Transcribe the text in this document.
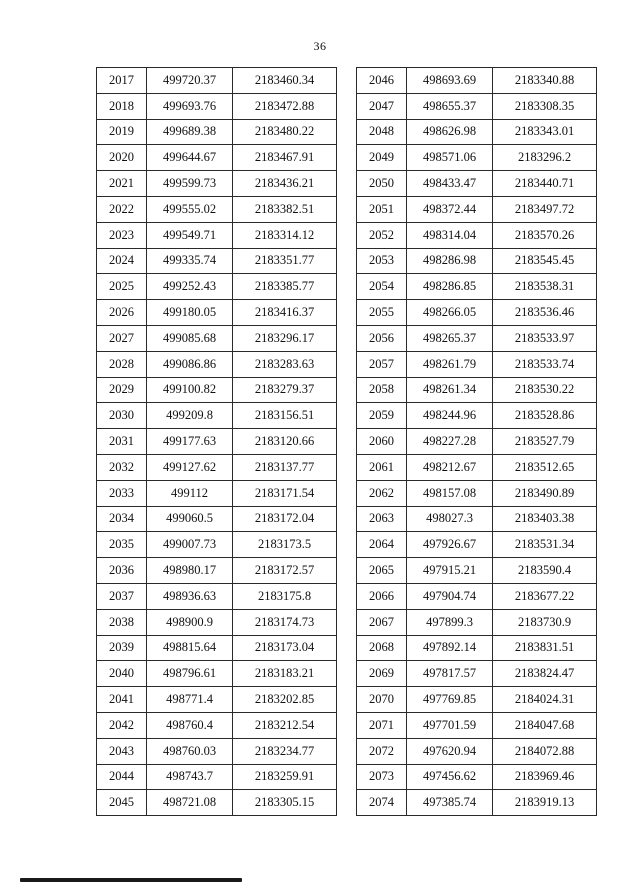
36
2017	499720.37	2183460.34
2018	499693.76	2183472.88
2019	499689.38	2183480.22
2020	499644.67	2183467.91
2021	499599.73	2183436.21
2022	499555.02	2183382.51
2023	499549.71	2183314.12
2024	499335.74	2183351.77
2025	499252.43	2183385.77
2026	499180.05	2183416.37
2027	499085.68	2183296.17
2028	499086.86	2183283.63
2029	499100.82	2183279.37
2030	499209.8	2183156.51
2031	499177.63	2183120.66
2032	499127.62	2183137.77
2033	499112	2183171.54
2034	499060.5	2183172.04
2035	499007.73	2183173.5
2036	498980.17	2183172.57
2037	498936.63	2183175.8
2038	498900.9	2183174.73
2039	498815.64	2183173.04
2040	498796.61	2183183.21
2041	498771.4	2183202.85
2042	498760.4	2183212.54
2043	498760.03	2183234.77
2044	498743.7	2183259.91
2045	498721.08	2183305.15
2046	498693.69	2183340.88
2047	498655.37	2183308.35
2048	498626.98	2183343.01
2049	498571.06	2183296.2
2050	498433.47	2183440.71
2051	498372.44	2183497.72
2052	498314.04	2183570.26
2053	498286.98	2183545.45
2054	498286.85	2183538.31
2055	498266.05	2183536.46
2056	498265.37	2183533.97
2057	498261.79	2183533.74
2058	498261.34	2183530.22
2059	498244.96	2183528.86
2060	498227.28	2183527.79
2061	498212.67	2183512.65
2062	498157.08	2183490.89
2063	498027.3	2183403.38
2064	497926.67	2183531.34
2065	497915.21	2183590.4
2066	497904.74	2183677.22
2067	497899.3	2183730.9
2068	497892.14	2183831.51
2069	497817.57	2183824.47
2070	497769.85	2184024.31
2071	497701.59	2184047.68
2072	497620.94	2184072.88
2073	497456.62	2183969.46
2074	497385.74	2183919.13
